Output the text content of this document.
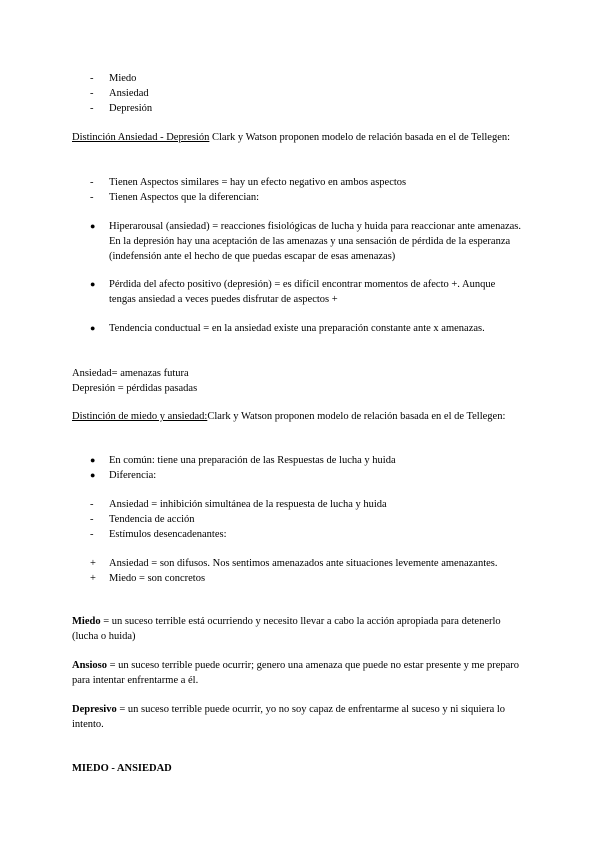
- Miedo
- Ansiedad
- Depresión

Distinción Ansiedad - Depresión Clark y Watson proponen modelo de relación basada en el de Tellegen:

- Tienen Aspectos similares = hay un efecto negativo en ambos aspectos
- Tienen Aspectos que la diferencian:
● Hiperarousal (ansiedad) = reacciones fisiológicas de lucha y huida para reaccionar ante amenazas. En la depresión hay una aceptación de las amenazas y una sensación de pérdida de la esperanza (indefensión ante el hecho de que puedas escapar de esas amenazas)
● Pérdida del afecto positivo (depresión) = es difícil encontrar momentos de afecto +. Aunque tengas ansiedad a veces puedes disfrutar de aspectos +
● Tendencia conductual = en la ansiedad existe una preparación constante ante x amenazas.

Ansiedad= amenazas futura

Depresión = pérdidas pasadas

Distinción de miedo y ansiedad:Clark y Watson proponen modelo de relación basada en el de Tellegen:

● En común: tiene una preparación de las Respuestas de lucha y huida
● Diferencia:
- Ansiedad = inhibición simultánea de la respuesta de lucha y huida
- Tendencia de acción
- Estímulos desencadenantes:
+ Ansiedad = son difusos. Nos sentimos amenazados ante situaciones levemente amenazantes.
+ Miedo = son concretos

Miedo = un suceso terrible está ocurriendo y necesito llevar a cabo la acción apropiada para detenerlo (lucha o huida)

Ansioso = un suceso terrible puede ocurrir; genero una amenaza que puede no estar presente y me preparo para intentar enfrentarme a él.

Depresivo = un suceso terrible puede ocurrir, yo no soy capaz de enfrentarme al suceso y ni siquiera lo intento.

MIEDO - ANSIEDAD
